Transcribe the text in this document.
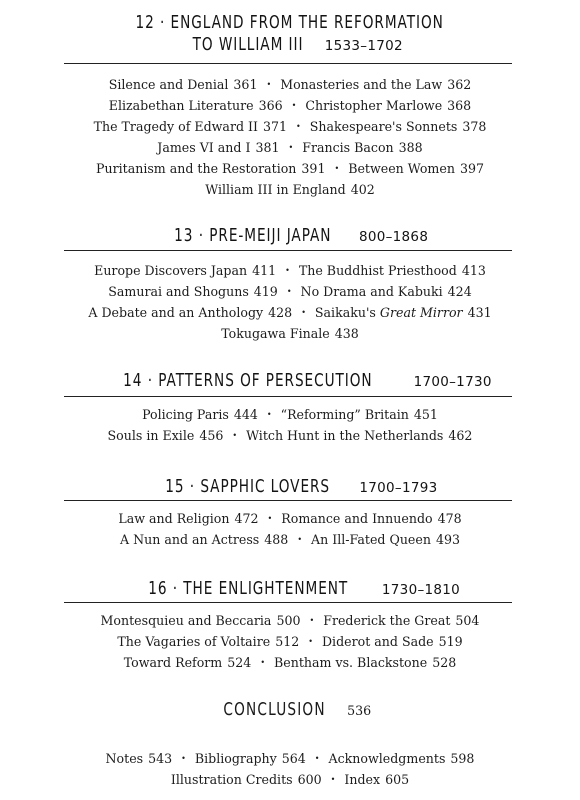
12 · ENGLAND FROM THE REFORMATION
TO WILLIAM III 1533–1702
Silence and Denial 361 • Monasteries and the Law 362
Elizabethan Literature 366 • Christopher Marlowe 368
The Tragedy of Edward II 371 • Shakespeare's Sonnets 378
James VI and I 381 • Francis Bacon 388
Puritanism and the Restoration 391 • Between Women 397
William III in England 402
13 · PRE-MEIJI JAPAN 800–1868
Europe Discovers Japan 411 • The Buddhist Priesthood 413
Samurai and Shoguns 419 • No Drama and Kabuki 424
A Debate and an Anthology 428 • Saikaku's Great Mirror 431
Tokugawa Finale 438
14 · PATTERNS OF PERSECUTION	1700–1730
Policing Paris 444 • “Reforming” Britain 451
Souls in Exile 456 • Witch Hunt in the Netherlands 462
15 · SAPPHIC LOVERS 1700–1793
Law and Religion 472 • Romance and Innuendo 478
A Nun and an Actress 488 • An Ill-Fated Queen 493
16 · THE ENLIGHTENMENT	1730–1810
Montesquieu and Beccaria 500 • Frederick the Great 504
The Vagaries of Voltaire 512 • Diderot and Sade 519
Toward Reform 524 • Bentham vs. Blackstone 528
CONCLUSION 536
Notes 543 • Bibliography 564 • Acknowledgments 598
Illustration Credits 600 • Index 605
